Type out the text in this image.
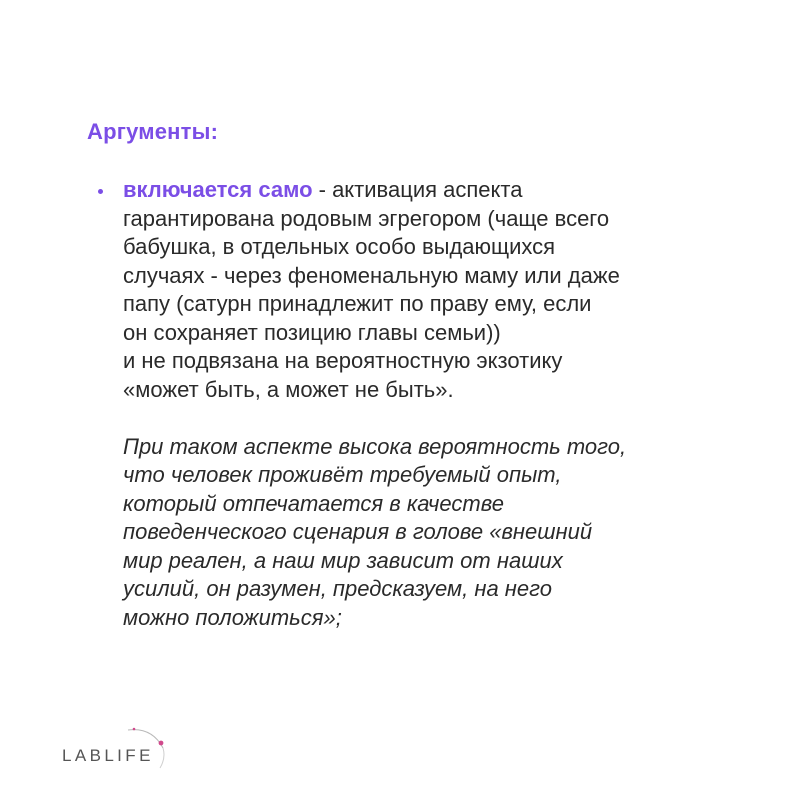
Аргументы:
включается само - активация аспекта
гарантирована родовым эгрегором (чаще всего
бабушка, в отдельных особо выдающихся
случаях - через феноменальную маму или даже
папу (сатурн принадлежит по праву ему, если
он сохраняет позицию главы семьи))
и не подвязана на вероятностную экзотику
«может быть, а может не быть».
При таком аспекте высока вероятность того,
что человек проживёт требуемый опыт,
который отпечатается в качестве
поведенческого сценария в голове «внешний
мир реален, а наш мир зависит от наших
усилий, он разумен, предсказуем, на него
можно положиться»;
LABLIFE
